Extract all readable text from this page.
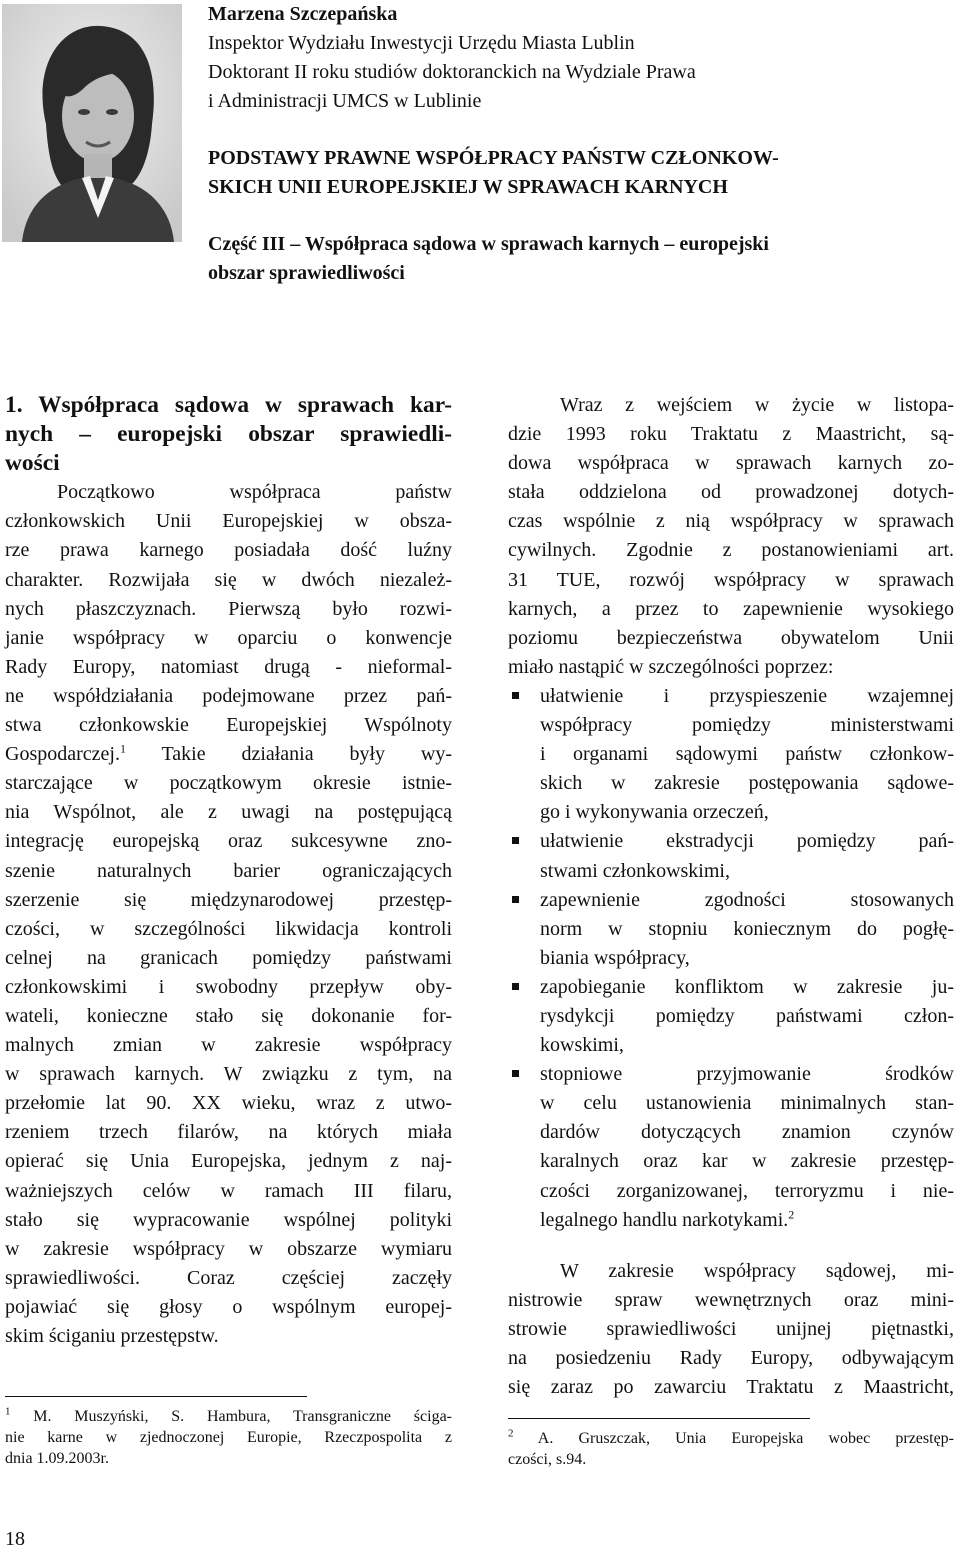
Marzena Szczepańska

Inspektor Wydziału Inwestycji Urzędu Miasta Lublin

Doktorant II roku studiów doktoranckich na Wydziale Prawa

i Administracji UMCS w Lublinie

PODSTAWY PRAWNE WSPÓŁPRACY PAŃSTW CZŁONKOW-
SKICH UNII EUROPEJSKIEJ W SPRAWACH KARNYCH
Część III – Współpraca sądowa w sprawach karnych – europejski
obszar sprawiedliwości
1. Współpraca sądowa w sprawach kar-
nych – europejski obszar sprawiedli-
wości
Początkowo współpraca państw
członkowskich Unii Europejskiej w obsza-
rze prawa karnego posiadała dość luźny
charakter. Rozwijała się w dwóch niezależ-
nych płaszczyznach. Pierwszą było rozwi-
janie współpracy w oparciu o konwencje
Rady Europy, natomiast drugą - nieformal-
ne współdziałania podejmowane przez pań-
stwa członkowskie Europejskiej Wspólnoty
Gospodarczej.$^1$ Takie działania były wy-
starczające w początkowym okresie istnie-
nia Wspólnot, ale z uwagi na postępującą
integrację europejską oraz sukcesywne zno-
szenie naturalnych barier ograniczających
szerzenie się międzynarodowej przestęp-
czości, w szczególności likwidacja kontroli
celnej na granicach pomiędzy państwami
członkowskimi i swobodny przepływ oby-
wateli, konieczne stało się dokonanie for-
malnych zmian w zakresie współpracy
w sprawach karnych. W związku z tym, na
przełomie lat 90. XX wieku, wraz z utwo-
rzeniem trzech filarów, na których miała
opierać się Unia Europejska, jednym z naj-
ważniejszych celów w ramach III filaru,
stało się wypracowanie wspólnej polityki
w zakresie współpracy w obszarze wymiaru
sprawiedliwości. Coraz częściej zaczęły
pojawiać się głosy o wspólnym europej-
skim ściganiu przestępstw.
$^1$ M. Muszyński, S. Hambura, Transgraniczne ściga-
nie karne w zjednoczonej Europie, Rzeczpospolita z
dnia 1.09.2003r.
Wraz z wejściem w życie w listopa-
dzie 1993 roku Traktatu z Maastricht, są-
dowa współpraca w sprawach karnych zo-
stała oddzielona od prowadzonej dotych-
czas wspólnie z nią współpracy w sprawach
cywilnych. Zgodnie z postanowieniami art.
31 TUE, rozwój współpracy w sprawach
karnych, a przez to zapewnienie wysokiego
poziomu bezpieczeństwa obywatelom Unii
miało nastąpić w szczególności poprzez:
ułatwienie i przyspieszenie wzajemnej
współpracy pomiędzy ministerstwami
i organami sądowymi państw członkow-
skich w zakresie postępowania sądowe-
go i wykonywania orzeczeń,
ułatwienie ekstradycji pomiędzy pań-
stwami członkowskimi,
zapewnienie zgodności stosowanych
norm w stopniu koniecznym do pogłę-
biania współpracy,
zapobieganie konfliktom w zakresie ju-
rysdykcji pomiędzy państwami człon-
kowskimi,
stopniowe przyjmowanie środków
w celu ustanowienia minimalnych stan-
dardów dotyczących znamion czynów
karalnych oraz kar w zakresie przestęp-
czości zorganizowanej, terroryzmu i nie-
legalnego handlu narkotykami.$^2$
W zakresie współpracy sądowej, mi-
nistrowie spraw wewnętrznych oraz mini-
strowie sprawiedliwości unijnej piętnastki,
na posiedzeniu Rady Europy, odbywającym
się zaraz po zawarciu Traktatu z Maastricht,
$^2$ A. Gruszczak, Unia Europejska wobec przestęp-
czości, s.94.

18
